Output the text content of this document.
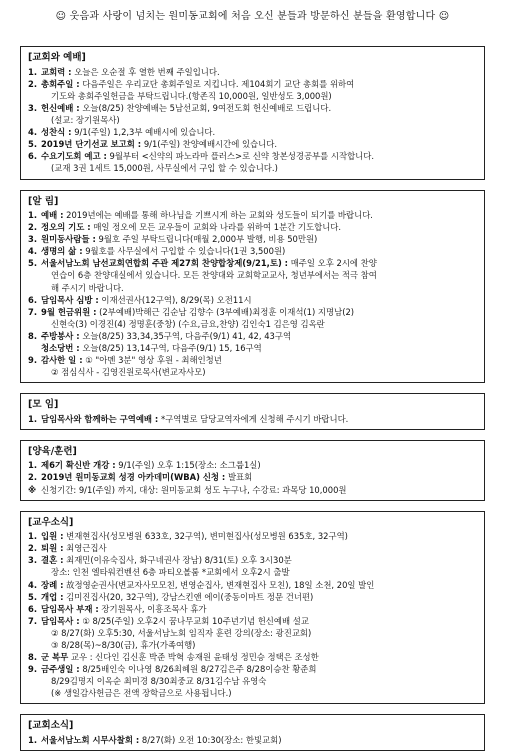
☺ 웃음과 사랑이 넘치는 원미동교회에 처음 오신 분들과 방문하신 분들을 환영합니다 ☺
[교회와 예배]
1. 교회력 : 오늘은 오순절 후 열한 번째 주일입니다.
2. 총회주일 : 다음주일은 우리교단 총회주일로 지킵니다. 제104회기 교단 총회를 위하여
기도와 총회주일헌금을 부탁드립니다.(항존직 10,000원, 일반성도 3,000원)
3. 헌신예배 : 오늘(8/25) 찬양예배는 5남선교회, 9여전도회 헌신예배로 드립니다.
(설교: 장기원목사)
4. 성찬식 : 9/1(주일) 1,2,3부 예배시에 있습니다.
5. 2019년 단기선교 보고회 : 9/1(주일) 찬양예배시간에 있습니다.
6. 수요기도회 예고 : 9월부터 <신약의 파노라마 플러스>로 신약 창본성경공부를 시작합니다.
(교재 3권 1세트 15,000원, 사무실에서 구입 할 수 있습니다.)
[알 림]
1. 예배 : 2019년에는 예배를 통해 하나님을 기쁘시게 하는 교회와 성도들이 되기를 바랍니다.
2. 정오의 기도 : 매일 정오에 모든 교우들이 교회와 나라를 위하여 1분간 기도합니다.
3. 원미동사람들 : 9월호 주일 부탁드립니다(매월 2,000부 발행, 비용 50만원)
4. 생명의 삶 : 9월호를 사무실에서 구입할 수 있습니다(1권 3,500원)
5. 서울서남노회 남선교회연합회 주관 제27회 찬양합창제(9/21,토) : 매주일 오후 2시에 찬양
연습이 6층 찬양대실에서 있습니다. 모든 찬양대와 교회학교교사, 청년부에서는 적극 참여
해 주시기 바랍니다.
6. 담임목사 심방 : 이재선권사(12구역), 8/29(목) 오전11시
7. 9월 헌금위원 : (2부예배)박해근 김순남 김향수 (3부예배)최정훈 이재석(1) 지명남(2)
신현숙(3) 이경진(4) 정명훈(중창) (수요,금요,찬양) 김인숙1 김은영 김옥란
8. 주방봉사 : 오늘(8/25) 33,34,35구역, 다음주(9/1) 41, 42, 43구역
청소당번 : 오늘(8/25) 13,14구역, 다음주(9/1) 15, 16구역
9. 감사한 일 : ① "아멘 3분" 영상 후원 - 최해인청년
② 점심식사 - 김영진원로목사(변교자사모)
[모 임]
1. 담임목사와 함께하는 구역예배 : *구역별로 담당교역자에게 신청해 주시기 바랍니다.
[양육/훈련]
1. 제6기 확신반 개강 : 9/1(주일) 오후 1:15(장소: 소그룹1실)
2. 2019년 원미동교회 성경 아카데미(WBA) 신청 : 발표회
※ 신청기간: 9/1(주일) 까지, 대상: 원미동교회 성도 누구나, 수강료: 과목당 10,000원
[교우소식]
1. 입원 : 변재현집사(성모병원 633호, 32구역), 변미현집사(성모병원 635호, 32구역)
2. 퇴원 : 최영근집사
3. 결혼 : 최재민(이유숙집사, 화구네권사 장남) 8/31(토) 오후 3시30분
장소: 인천 엘타워컨벤션 6층 파티오볼룸 *교회에서 오후2시 출발
4. 장례 : 故정영순권사(변교자사모모친, 변영순집사, 변재현집사 모친), 18일 소천, 20일 발인
5. 개업 : 김미진집사(20, 32구역), 강남스킨앤 에이(중동이마트 정문 건너편)
6. 담임목사 부재 : 장기원목사, 이흥조목사 휴가
7. 담임목사 : ① 8/25(주일) 오후2시 꿈나무교회 10주년기념 헌신예배 설교
② 8/27(화) 오후5:30, 서울서남노회 임직자 훈련 강의(장소: 광진교회)
③ 8/28(목)~8/30(금), 휴가(가족여행)
8. 군 복무 교우 : 신다인 김신훈 박준 박혁 송재원 윤태성 정민승 정택은 조성한
9. 금주생일 : 8/25배인숙 이나영 8/26최혜원 8/27김은주 8/28이승찬 황준희
8/29김명지 이옥순 최미경 8/30최중교 8/31김수남 유영숙
(※ 생일감사헌금은 전액 장학금으로 사용됩니다.)
[교회소식]
1. 서울서남노회 시무사찰회 : 8/27(화) 오전 10:30(장소: 한빛교회)
